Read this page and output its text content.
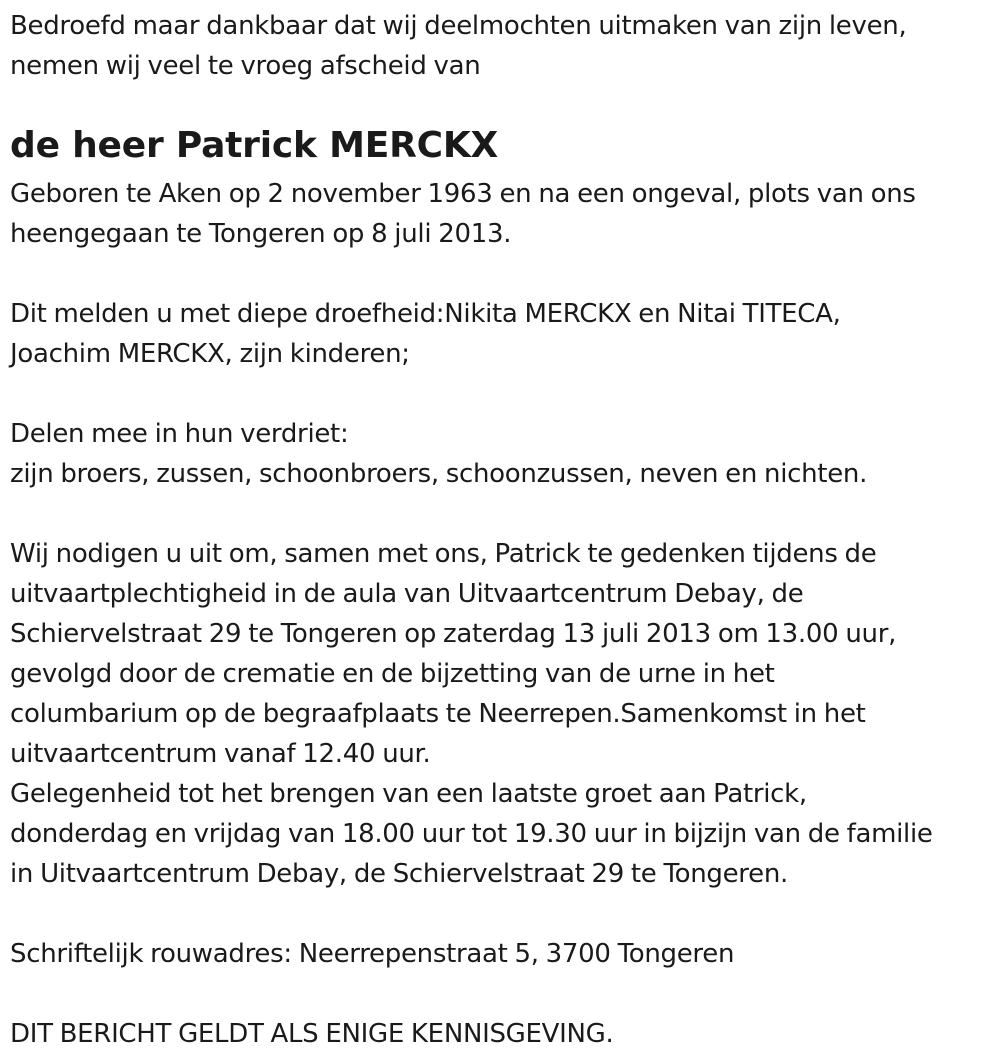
Bedroefd maar dankbaar dat wij deelmochten uitmaken van zijn leven,
nemen wij veel te vroeg afscheid van
de heer Patrick MERCKX
Geboren te Aken op 2 november 1963 en na een ongeval, plots van ons
heengegaan te Tongeren op 8 juli 2013.
Dit melden u met diepe droefheid:Nikita MERCKX en Nitai TITECA,
Joachim MERCKX, zijn kinderen;
Delen mee in hun verdriet:
zijn broers, zussen, schoonbroers, schoonzussen, neven en nichten.
Wij nodigen u uit om, samen met ons, Patrick te gedenken tijdens de
uitvaartplechtigheid in de aula van Uitvaartcentrum Debay, de
Schiervelstraat 29 te Tongeren op zaterdag 13 juli 2013 om 13.00 uur,
gevolgd door de crematie en de bijzetting van de urne in het
columbarium op de begraafplaats te Neerrepen.Samenkomst in het
uitvaartcentrum vanaf 12.40 uur.
Gelegenheid tot het brengen van een laatste groet aan Patrick,
donderdag en vrijdag van 18.00 uur tot 19.30 uur in bijzijn van de familie
in Uitvaartcentrum Debay, de Schiervelstraat 29 te Tongeren.
Schriftelijk rouwadres: Neerrepenstraat 5, 3700 Tongeren
DIT BERICHT GELDT ALS ENIGE KENNISGEVING.
